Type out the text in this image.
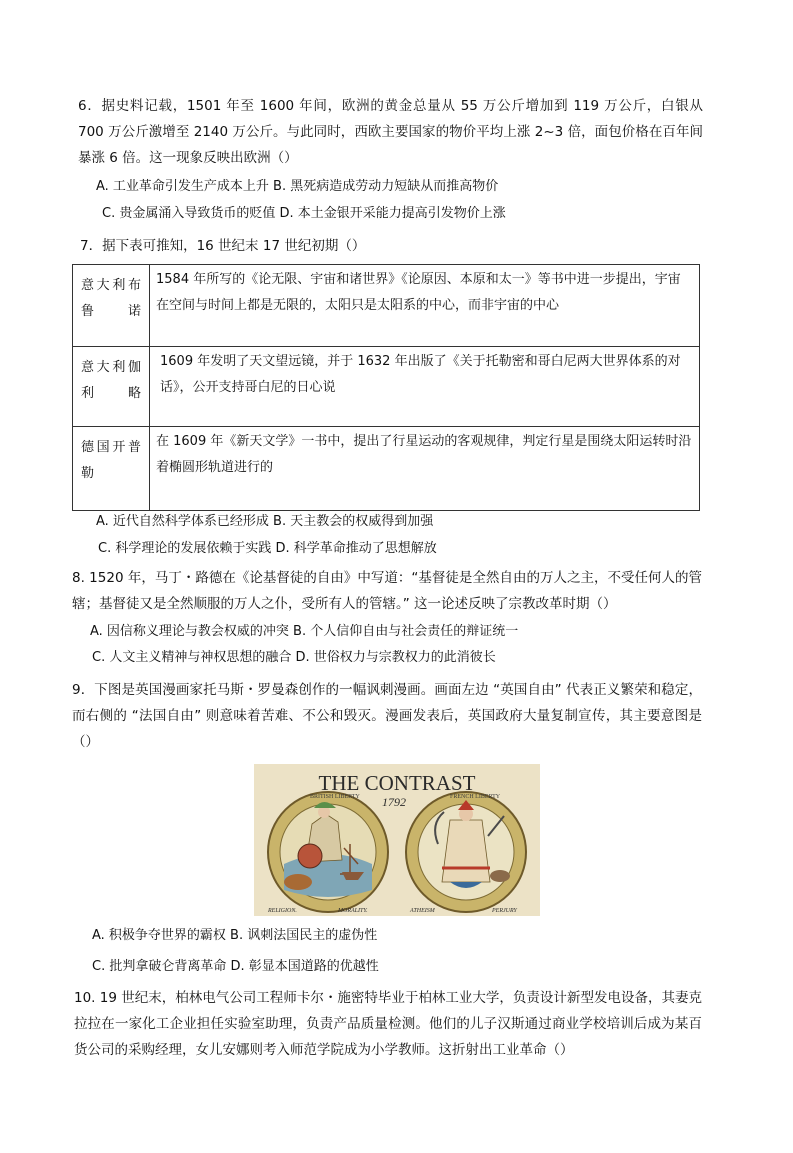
6．据史料记载，1501 年至 1600 年间，欧洲的黄金总量从 55 万公斤增加到 119 万公斤，白银从 700 万公斤激增至 2140 万公斤。与此同时，西欧主要国家的物价平均上涨 2~3 倍，面包价格在百年间暴涨 6 倍。这一现象反映出欧洲（）
A. 工业革命引发生产成本上升 B. 黑死病造成劳动力短缺从而推高物价
C. 贵金属涌入导致货币的贬值 D. 本土金银开采能力提高引发物价上涨
7．据下表可推知，16 世纪末 17 世纪初期（）
意大利布鲁诺	1584 年所写的《论无限、宇宙和诸世界》《论原因、本原和太一》等书中进一步提出，宇宙在空间与时间上都是无限的，太阳只是太阳系的中心，而非宇宙的中心
意大利伽利略	1609 年发明了天文望远镜，并于 1632 年出版了《关于托勒密和哥白尼两大世界体系的对话》，公开支持哥白尼的日心说
德国开普勒	在 1609 年《新天文学》一书中，提出了行星运动的客观规律，判定行星是围绕太阳运转时沿着椭圆形轨道进行的
A. 近代自然科学体系已经形成 B. 天主教会的权威得到加强
C. 科学理论的发展依赖于实践 D. 科学革命推动了思想解放
8. 1520 年，马丁・路德在《论基督徒的自由》中写道：“基督徒是全然自由的万人之主，不受任何人的管辖；基督徒又是全然顺服的万人之仆，受所有人的管辖。” 这一论述反映了宗教改革时期（）
A. 因信称义理论与教会权威的冲突 B. 个人信仰自由与社会责任的辩证统一
C. 人文主义精神与神权思想的融合 D. 世俗权力与宗教权力的此消彼长
9．下图是英国漫画家托马斯・罗曼森创作的一幅讽刺漫画。画面左边 “英国自由” 代表正义繁荣和稳定，而右侧的 “法国自由” 则意味着苦难、不公和毁灭。漫画发表后，英国政府大量复制宣传，其主要意图是（）
THE CONTRAST
1792
BRITISH LIBERTY	FRENCH LIBERTY
RELIGION.	MORALITY.	ATHEISM	PERJURY
A. 积极争夺世界的霸权 B. 讽刺法国民主的虚伪性
C. 批判拿破仑背离革命 D. 彰显本国道路的优越性
10. 19 世纪末，柏林电气公司工程师卡尔・施密特毕业于柏林工业大学，负责设计新型发电设备，其妻克拉拉在一家化工企业担任实验室助理，负责产品质量检测。他们的儿子汉斯通过商业学校培训后成为某百货公司的采购经理，女儿安娜则考入师范学院成为小学教师。这折射出工业革命（）
